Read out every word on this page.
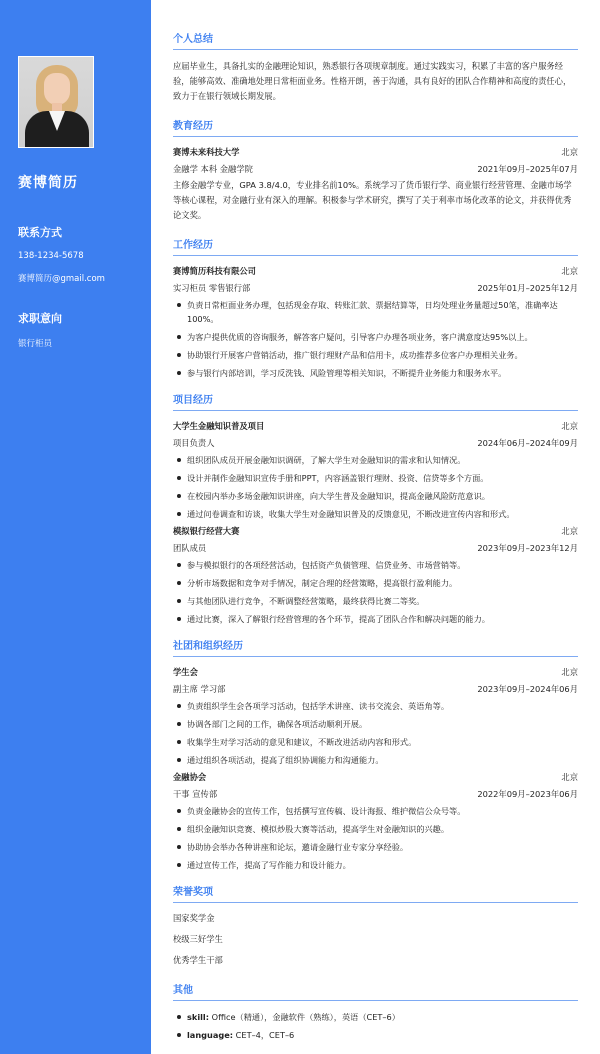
赛博简历
联系方式
138-1234-5678
赛博简历@gmail.com
求职意向
银行柜员
个人总结
应届毕业生，具备扎实的金融理论知识，熟悉银行各项规章制度。通过实践实习，积累了丰富的客户服务经验，能够高效、准确地处理日常柜面业务。性格开朗，善于沟通，具有良好的团队合作精神和高度的责任心，致力于在银行领域长期发展。
教育经历
赛博未来科技大学	北京
金融学 本科 金融学院	2021年09月–2025年07月
主修金融学专业，GPA 3.8/4.0，专业排名前10%。系统学习了货币银行学、商业银行经营管理、金融市场学等核心课程，对金融行业有深入的理解。积极参与学术研究，撰写了关于利率市场化改革的论文，并获得优秀论文奖。
工作经历
赛博简历科技有限公司	北京
实习柜员 零售银行部	2025年01月–2025年12月
负责日常柜面业务办理，包括现金存取、转账汇款、票据结算等，日均处理业务量超过50笔，准确率达100%。
为客户提供优质的咨询服务，解答客户疑问，引导客户办理各项业务，客户满意度达95%以上。
协助银行开展客户营销活动，推广银行理财产品和信用卡，成功推荐多位客户办理相关业务。
参与银行内部培训，学习反洗钱、风险管理等相关知识，不断提升业务能力和服务水平。
项目经历
大学生金融知识普及项目	北京
项目负责人	2024年06月–2024年09月
组织团队成员开展金融知识调研，了解大学生对金融知识的需求和认知情况。
设计并制作金融知识宣传手册和PPT，内容涵盖银行理财、投资、信贷等多个方面。
在校园内举办多场金融知识讲座，向大学生普及金融知识，提高金融风险防范意识。
通过问卷调查和访谈，收集大学生对金融知识普及的反馈意见，不断改进宣传内容和形式。
模拟银行经营大赛	北京
团队成员	2023年09月–2023年12月
参与模拟银行的各项经营活动，包括资产负债管理、信贷业务、市场营销等。
分析市场数据和竞争对手情况，制定合理的经营策略，提高银行盈利能力。
与其他团队进行竞争，不断调整经营策略，最终获得比赛二等奖。
通过比赛，深入了解银行经营管理的各个环节，提高了团队合作和解决问题的能力。
社团和组织经历
学生会	北京
副主席 学习部	2023年09月–2024年06月
负责组织学生会各项学习活动，包括学术讲座、读书交流会、英语角等。
协调各部门之间的工作，确保各项活动顺利开展。
收集学生对学习活动的意见和建议，不断改进活动内容和形式。
通过组织各项活动，提高了组织协调能力和沟通能力。
金融协会	北京
干事 宣传部	2022年09月–2023年06月
负责金融协会的宣传工作，包括撰写宣传稿、设计海报、维护微信公众号等。
组织金融知识竞赛、模拟炒股大赛等活动，提高学生对金融知识的兴趣。
协助协会举办各种讲座和论坛，邀请金融行业专家分享经验。
通过宣传工作，提高了写作能力和设计能力。
荣誉奖项
国家奖学金
校级三好学生
优秀学生干部
其他
skill: Office（精通），金融软件（熟练），英语（CET–6）
language: CET–4，CET–6
